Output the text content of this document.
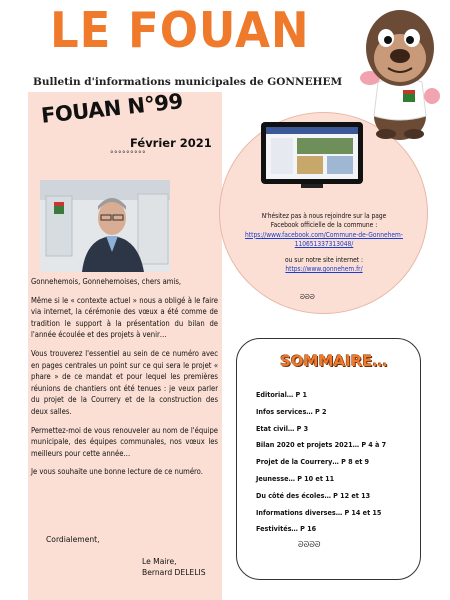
LE FOUAN
Bulletin d'informations municipales de GONNEHEM
FOUAN N°99
Février 2021
°°°°°°°°°

Gonnehemois, Gonnehemoises, chers amis,

Même si le « contexte actuel » nous a obligé à le faire via internet, la cérémonie des vœux a été comme de tradition le support à la présentation du bilan de l'année écoulée et des projets à venir…

Vous trouverez l'essentiel au sein de ce numéro avec en pages centrales un point sur ce qui sera le projet « phare » de ce mandat et pour lequel les premières réunions de chantiers ont été tenues : je veux parler du projet de la Courrery et de la construction des deux salles.

Permettez-moi de vous renouveler au nom de l'équipe municipale, des équipes communales, nos vœux les meilleurs pour cette année…

Je vous souhaite une bonne lecture de ce numéro.

Cordialement,
Le Maire,
Bernard DELELIS
N'hésitez pas à nous rejoindre sur la page
Facebook officielle de la commune :
https://www.facebook.com/Commune-de-Gonnehem-110651337313048/
ou sur notre site internet :
https://www.gonnehem.fr/
ᘐᘐᘐ
SOMMAIRE…
Editorial… P 1
Infos services… P 2
Etat civil… P 3
Bilan 2020 et projets 2021… P 4 à 7
Projet de la Courrery… P 8 et 9
Jeunesse… P 10 et 11
Du côté des écoles… P 12 et 13
Informations diverses… P 14 et 15
Festivités… P 16
ᘐᘐᘐᘐ
